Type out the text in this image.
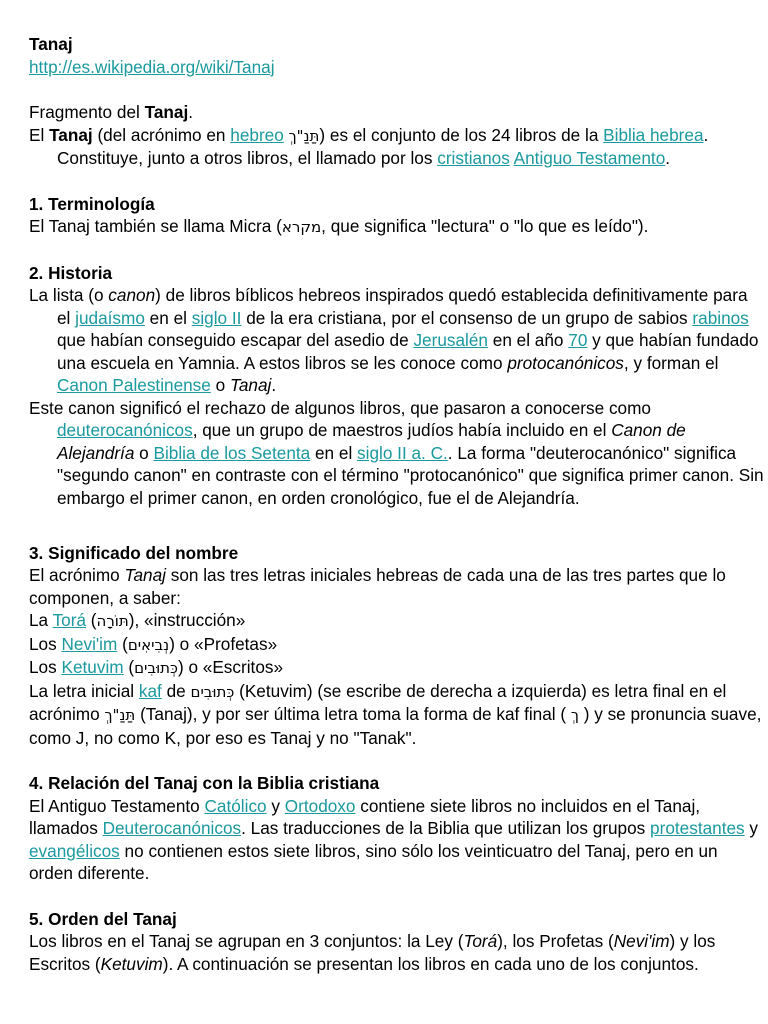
Tanaj

http://es.wikipedia.org/wiki/Tanaj

Fragmento del Tanaj.

El Tanaj (del acrónimo en hebreo תַּנַ"ךְ) es el conjunto de los 24 libros de la Biblia hebrea. Constituye, junto a otros libros, el llamado por los cristianos Antiguo Testamento.

1. Terminología

El Tanaj también se llama Micra (מקרא, que significa "lectura" o "lo que es leído").

2. Historia

La lista (o canon) de libros bíblicos hebreos inspirados quedó establecida definitivamente para el judaísmo en el siglo II de la era cristiana, por el consenso de un grupo de sabios rabinos que habían conseguido escapar del asedio de Jerusalén en el año 70 y que habían fundado una escuela en Yamnia. A estos libros se les conoce como protocanónicos, y forman el Canon Palestinense o Tanaj.

Este canon significó el rechazo de algunos libros, que pasaron a conocerse como deuterocanónicos, que un grupo de maestros judíos había incluido en el Canon de Alejandría o Biblia de los Setenta en el siglo II a. C.. La forma "deuterocanónico" significa "segundo canon" en contraste con el término "protocanónico" que significa primer canon. Sin embargo el primer canon, en orden cronológico, fue el de Alejandría.

3. Significado del nombre

El acrónimo Tanaj son las tres letras iniciales hebreas de cada una de las tres partes que lo componen, a saber:

La Torá (תּוֹרָה), «instrucción»

Los Nevi'im (נְבִיאִים) o «Profetas»

Los Ketuvim (כְּתוּבִים) o «Escritos»

La letra inicial kaf de כְּתוּבִים (Ketuvim) (se escribe de derecha a izquierda) es letra final en el acrónimo תַּנַ"ךְ (Tanaj), y por ser última letra toma la forma de kaf final ( ךְ ) y se pronuncia suave, como J, no como K, por eso es Tanaj y no "Tanak".

4. Relación del Tanaj con la Biblia cristiana

El Antiguo Testamento Católico y Ortodoxo contiene siete libros no incluidos en el Tanaj, llamados Deuterocanónicos. Las traducciones de la Biblia que utilizan los grupos protestantes y evangélicos no contienen estos siete libros, sino sólo los veinticuatro del Tanaj, pero en un orden diferente.

5. Orden del Tanaj

Los libros en el Tanaj se agrupan en 3 conjuntos: la Ley (Torá), los Profetas (Nevi'im) y los Escritos (Ketuvim). A continuación se presentan los libros en cada uno de los conjuntos.
